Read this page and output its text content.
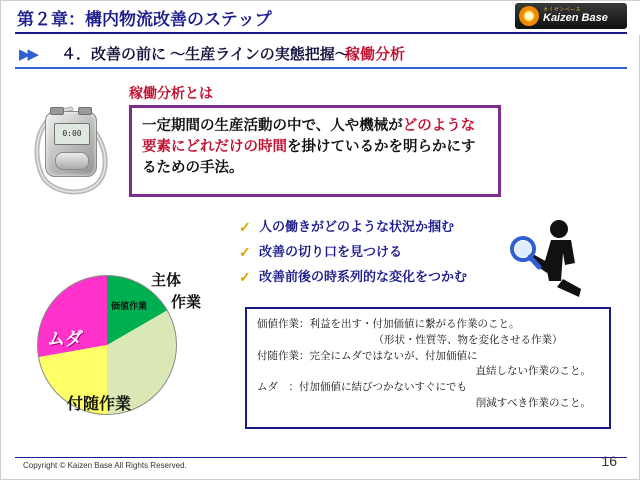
第２章：構内物流改善のステップ	カイゼンベース
Kaizen Base
▶▶ ４．改善の前に ～生産ラインの実態把握～
稼働分析
稼働分析とは
0:00	一定期間の生産活動の中で、人や機械がどのような要素にどれだけの時間を掛けているかを明らかにするための手法。
✓ 人の働きがどのような状況か掴む
✓ 改善の切り口を見つける
✓ 改善前後の時系列的な変化をつかむ
価値作業
ムダ
主体
作業
付随作業
価値作業：利益を出す・付加価値に繋がる作業のこと。
（形状・性質等、物を変化させる作業）
付随作業：完全にムダではないが、付加価値に
直結しない作業のこと。
ムダ　：付加価値に結びつかないすぐにでも
削減すべき作業のこと。
Copyright © Kaizen Base All Rights Reserved.	16
